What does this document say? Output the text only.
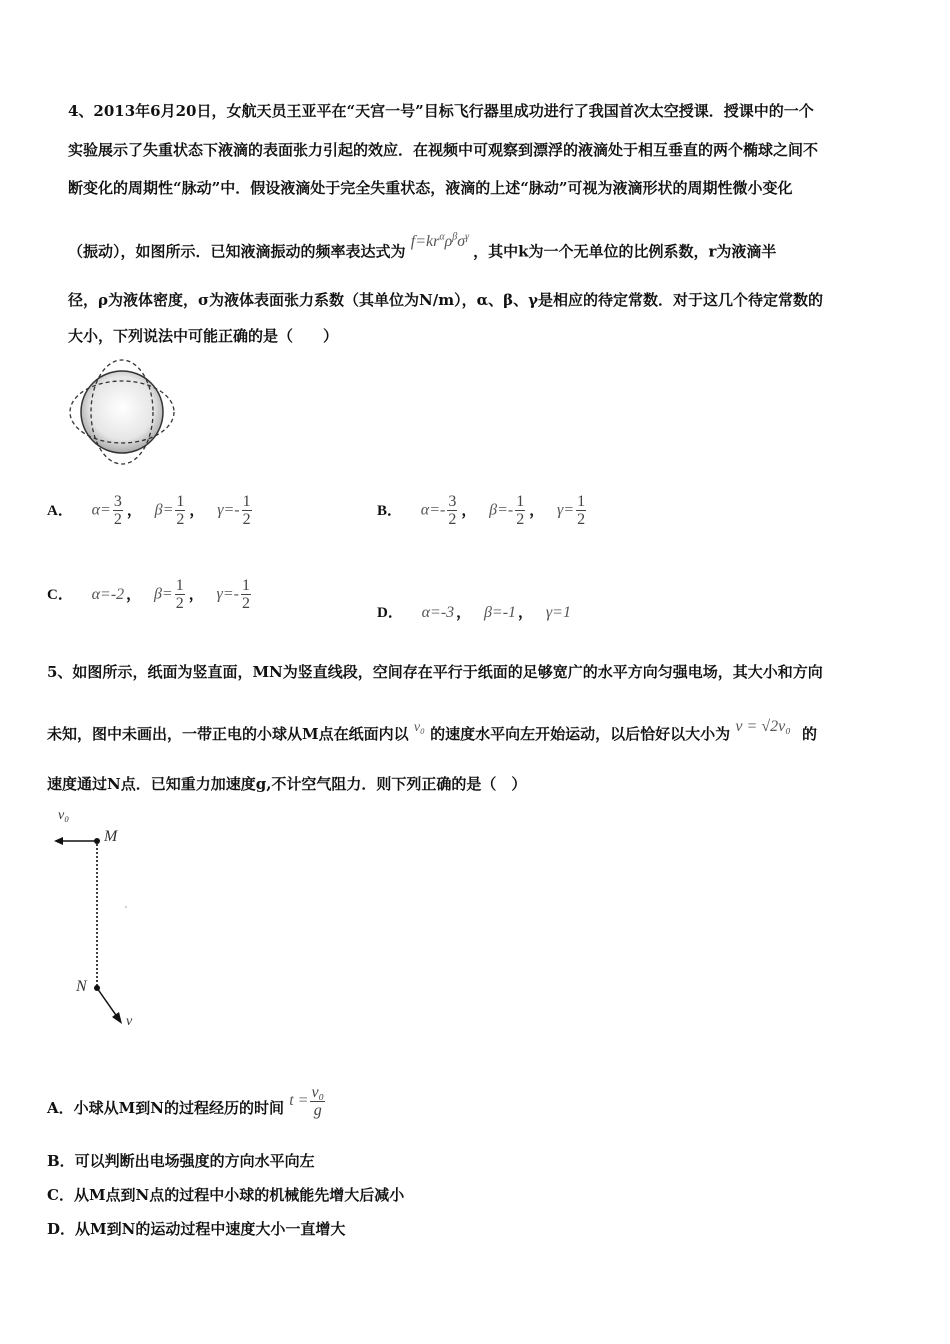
4、2013年6月20日，女航天员王亚平在“天宫一号”目标飞行器里成功进行了我国首次太空授课．授课中的一个
实验展示了失重状态下液滴的表面张力引起的效应．在视频中可观察到漂浮的液滴处于相互垂直的两个椭球之间不
断变化的周期性“脉动”中．假设液滴处于完全失重状态，液滴的上述“脉动”可视为液滴形状的周期性微小变化
（振动），如图所示．已知液滴振动的频率表达式为 $f=kr^\alpha\rho^\beta\sigma^\gamma$ ，其中k为一个无单位的比例系数，r为液滴半
径，ρ为液体密度，σ为液体表面张力系数（其单位为N/m），α、β、γ是相应的待定常数．对于这几个待定常数的
大小，下列说法中可能正确的是（　　）
A． $\alpha= \frac{3}{2}$ ， $\beta= \frac{1}{2}$ ， $\gamma=- \frac{1}{2}$	B． $\alpha=- \frac{3}{2}$ ， $\beta=- \frac{1}{2}$ ， $\gamma= \frac{1}{2}$
C． α=-2 ， $\beta= \frac{1}{2}$ ， $\gamma=- \frac{1}{2}$
D． α=-3 ， β=-1 ， γ=1
5、如图所示，纸面为竖直面，MN为竖直线段，空间存在平行于纸面的足够宽广的水平方向匀强电场，其大小和方向
未知，图中未画出，一带正电的小球从M点在纸面内以 v₀ 的速度水平向左开始运动，以后恰好以大小为 v = √2v₀ 的
速度通过N点．已知重力加速度g,不计空气阻力．则下列正确的是（　）
v₀
M
N
v
A．小球从M到N的过程经历的时间 $t = \frac{\text{v₀}}{g}$
B．可以判断出电场强度的方向水平向左
C．从M点到N点的过程中小球的机械能先增大后减小
D．从M到N的运动过程中速度大小一直增大
